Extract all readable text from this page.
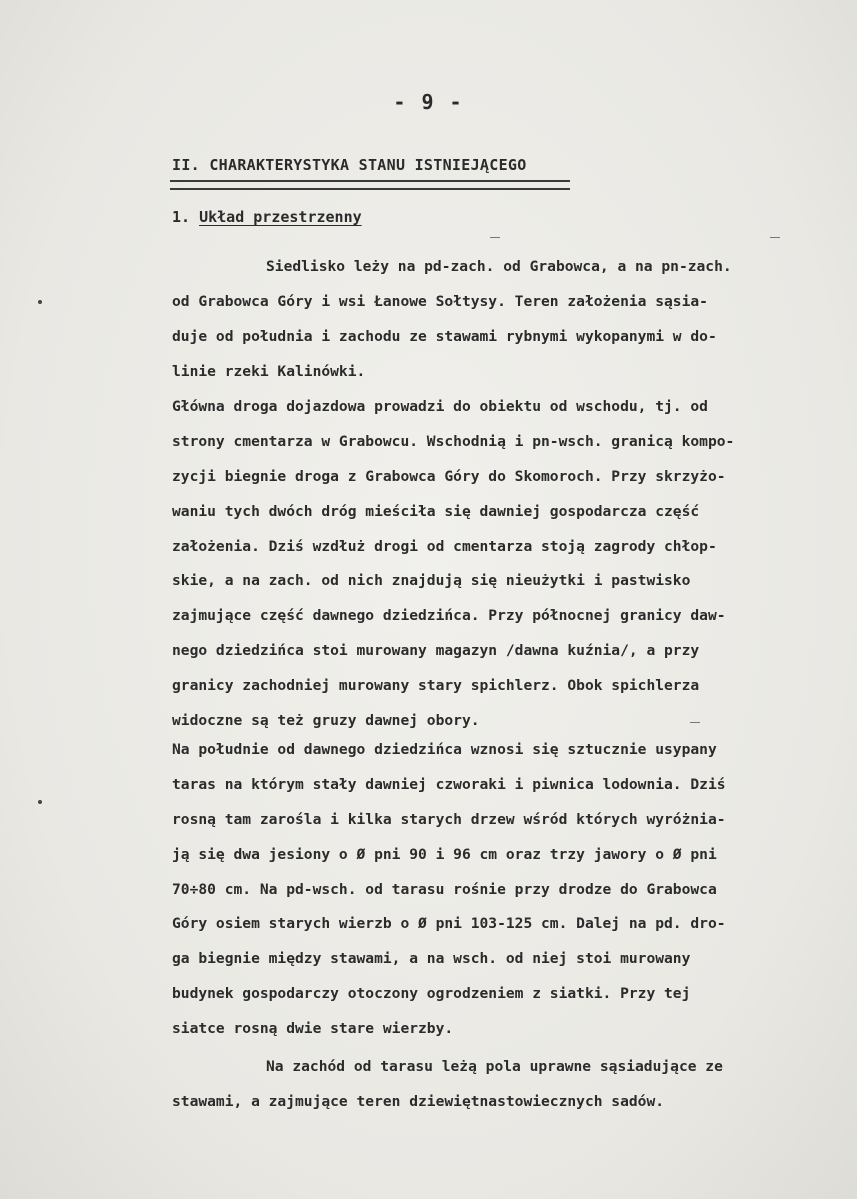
- 9 -
II. CHARAKTERYSTYKA STANU ISTNIEJĄCEGO
1. Układ przestrzenny
Siedlisko leży na pd-zach. od Grabowca, a na pn-zach.
od Grabowca Góry i wsi Łanowe Sołtysy. Teren założenia sąsia-
duje od południa i zachodu ze stawami rybnymi wykopanymi w do-
linie rzeki Kalinówki.
Główna droga dojazdowa prowadzi do obiektu od wschodu, tj. od
strony cmentarza w Grabowcu. Wschodnią i pn-wsch. granicą kompo-
zycji biegnie droga z Grabowca Góry do Skomoroch. Przy skrzyżo-
waniu tych dwóch dróg mieściła się dawniej gospodarcza część
założenia. Dziś wzdłuż drogi od cmentarza stoją zagrody chłop-
skie, a na zach. od nich znajdują się nieużytki i pastwisko
zajmujące część dawnego dziedzińca. Przy północnej granicy daw-
nego dziedzińca stoi murowany magazyn /dawna kuźnia/, a przy
granicy zachodniej murowany stary spichlerz. Obok spichlerza
widoczne są też gruzy dawnej obory.
Na południe od dawnego dziedzińca wznosi się sztucznie usypany
taras na którym stały dawniej czworaki i piwnica lodownia. Dziś
rosną tam zarośla i kilka starych drzew wśród których wyróżnia-
ją się dwa jesiony o Ø pni 90 i 96 cm oraz trzy jawory o Ø pni
70÷80 cm. Na pd-wsch. od tarasu rośnie przy drodze do Grabowca
Góry osiem starych wierzb o Ø pni 103-125 cm. Dalej na pd. dro-
ga biegnie między stawami, a na wsch. od niej stoi murowany
budynek gospodarczy otoczony ogrodzeniem z siatki. Przy tej
siatce rosną dwie stare wierzby.
Na zachód od tarasu leżą pola uprawne sąsiadujące ze
stawami, a zajmujące teren dziewiętnastowiecznych sadów.
